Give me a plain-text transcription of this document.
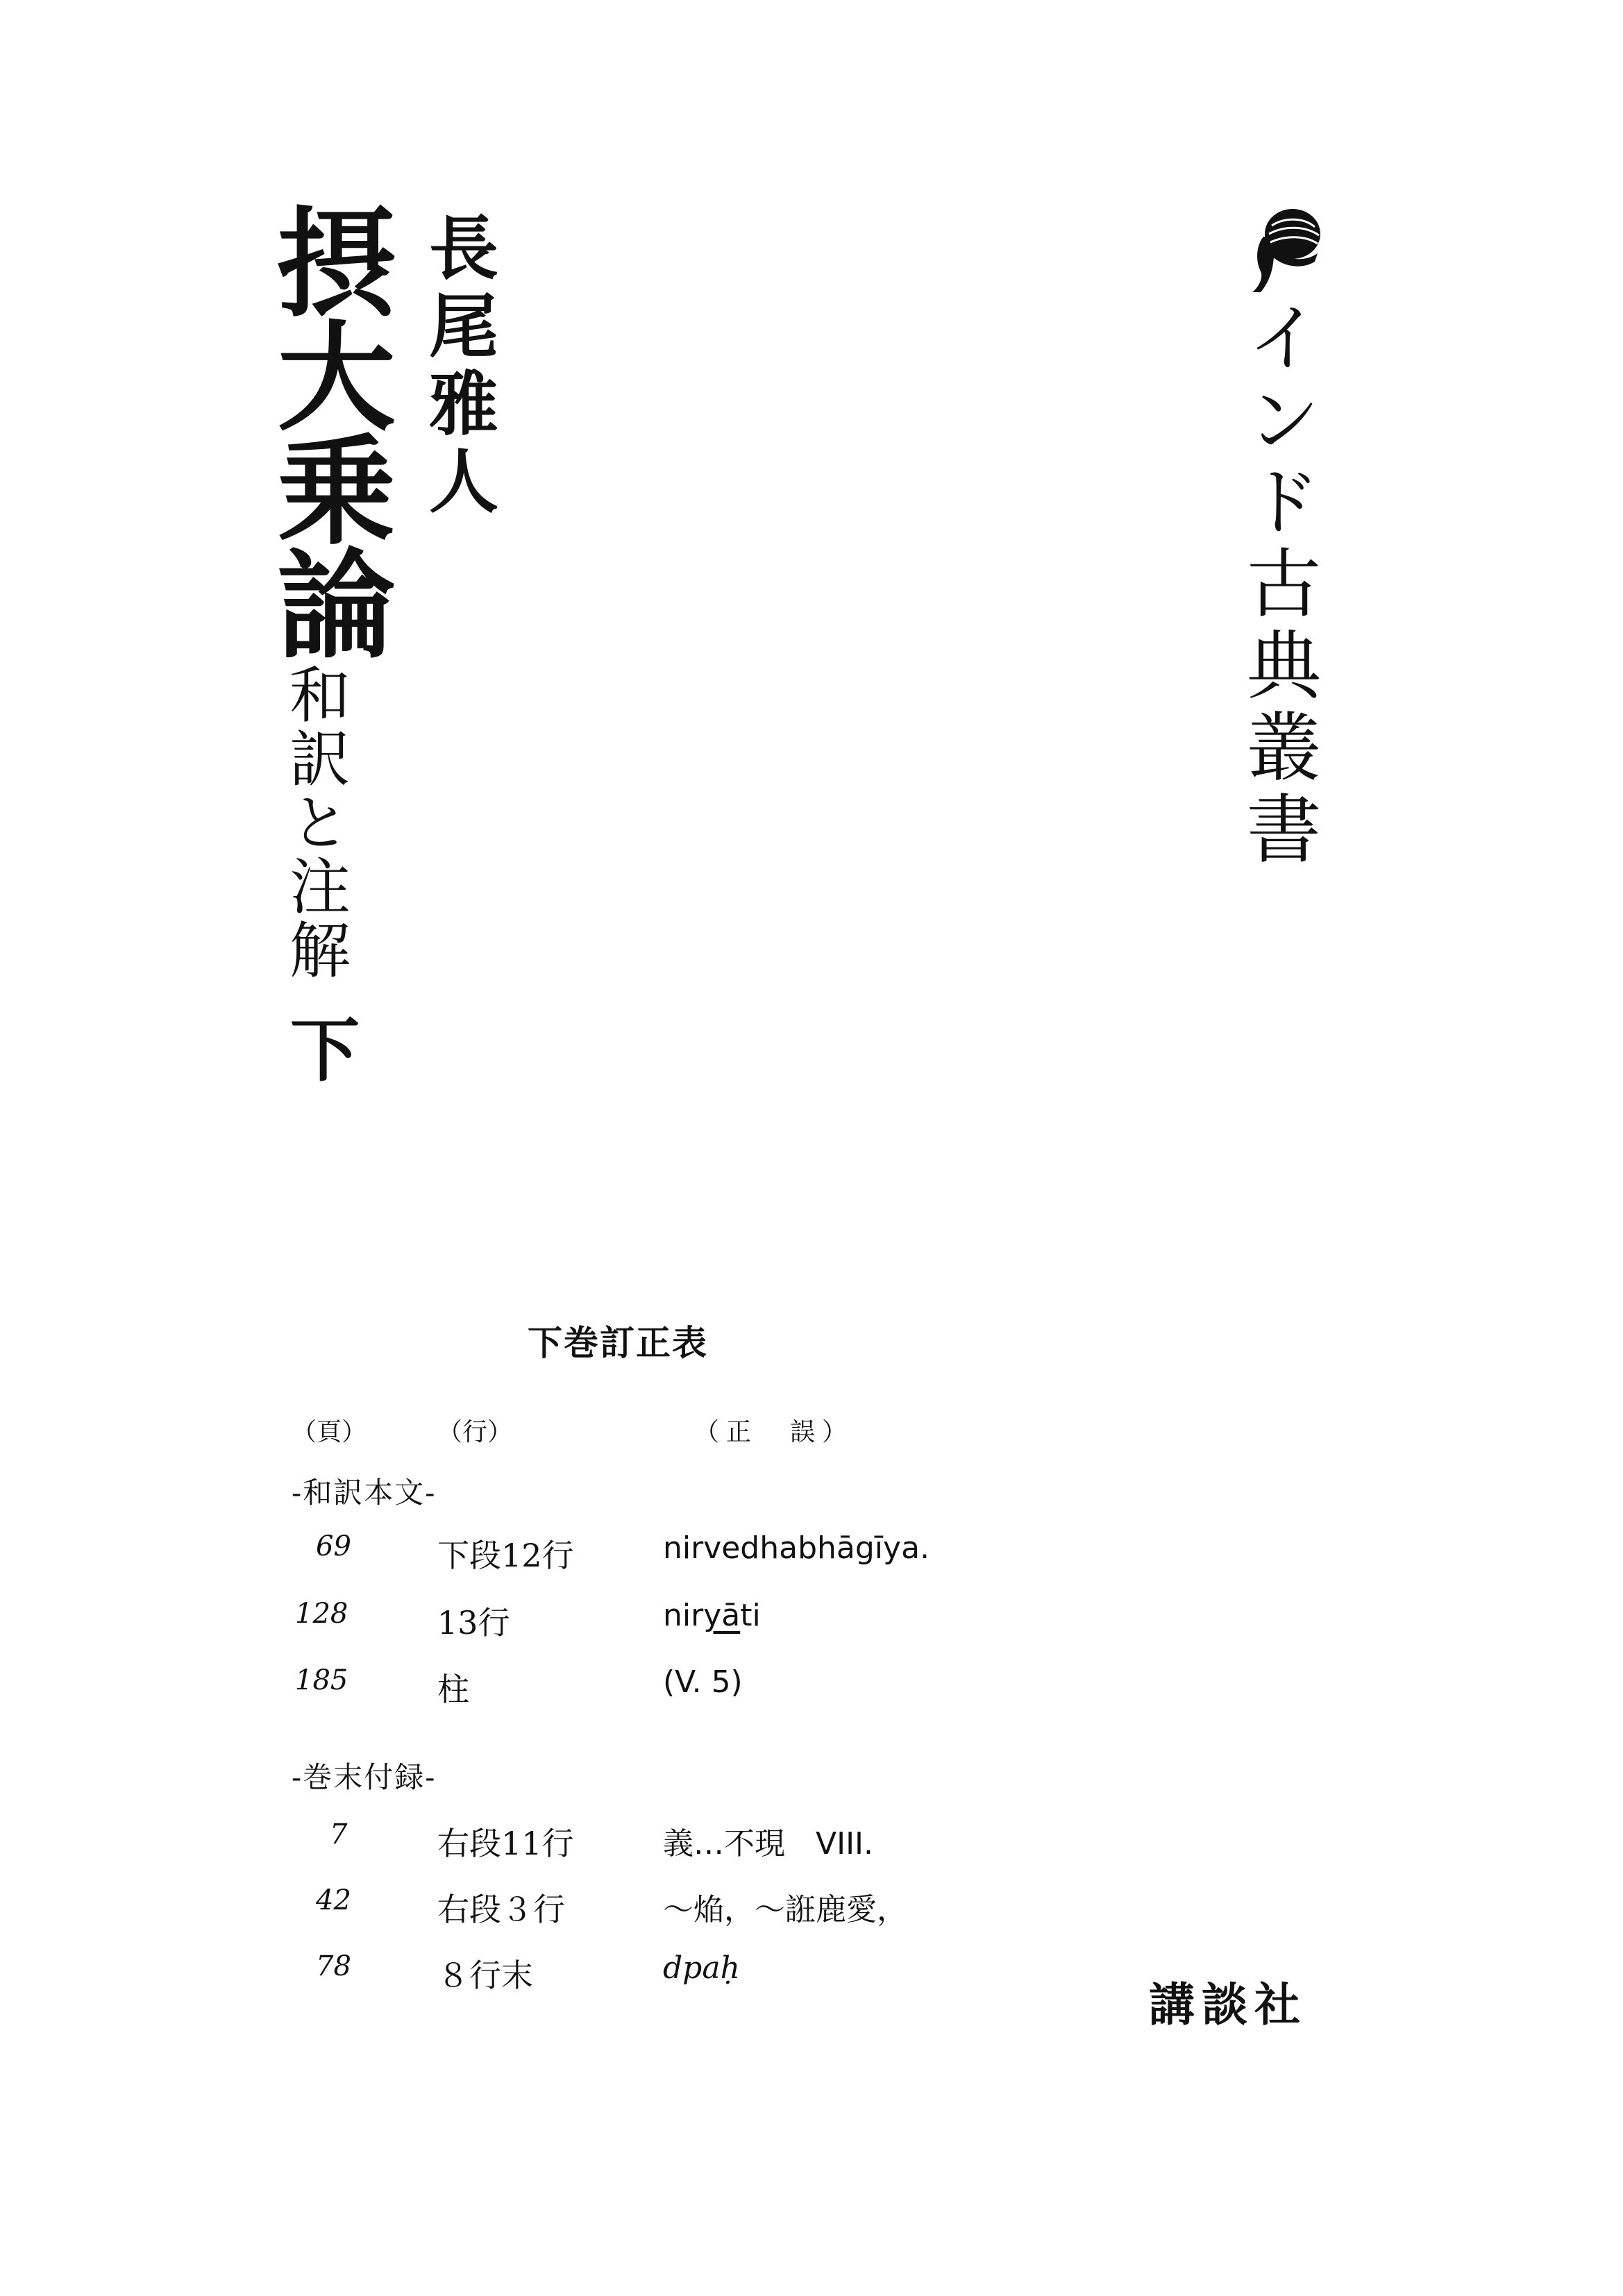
長尾雅人
摂大乗論
和訳と注解
下
インド古典叢書
下巻訂正表
（頁）	（行）	（正　誤）
-和訳本文-
69	下段12行	nirvedhabhāgīya.
128	13行	niryāti
185	柱	(V. 5)
-巻末付録-
7	右段11行	義…不現　VIII.
42	右段３行	～焔，～誑鹿愛，
78	８行末	dpaḥ
講談社
